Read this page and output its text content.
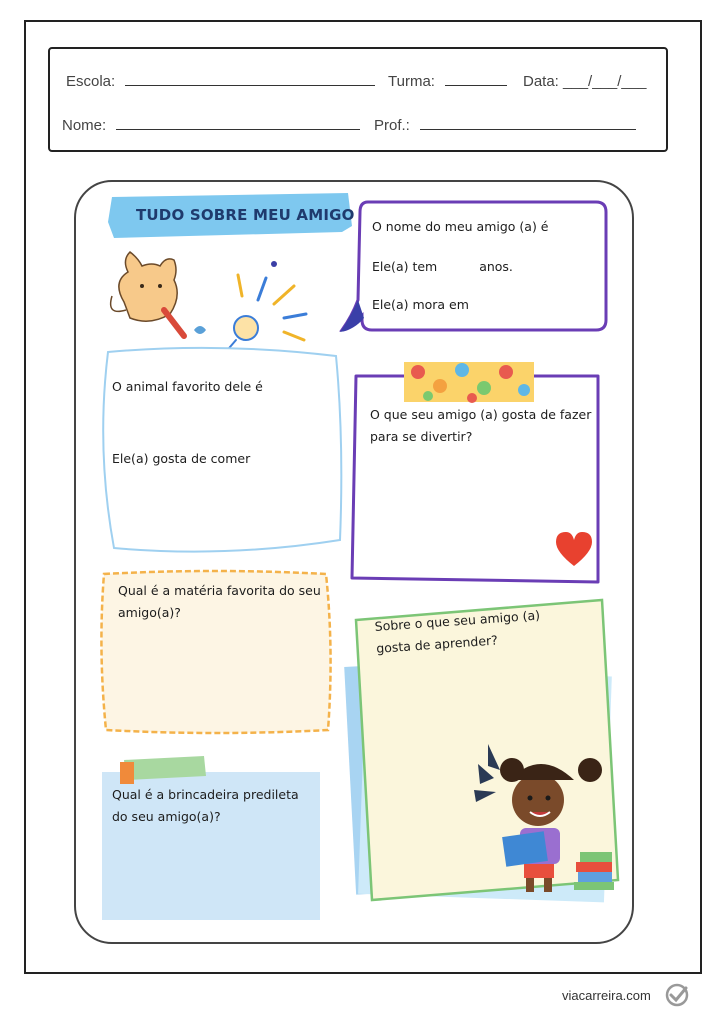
Escola:	Turma:	Data: ___/___/___
Nome:	Prof.:
TUDO SOBRE MEU AMIGO
O nome do meu amigo (a) é
Ele(a) tem	anos.
Ele(a) mora em
O animal favorito dele é
Ele(a) gosta de comer
O que seu amigo (a) gosta de fazer para se divertir?
Qual é a matéria favorita do seu amigo(a)?	Sobre o que seu amigo (a) gosta de aprender?
Qual é a brincadeira predileta do seu amigo(a)?
viacarreira.com
